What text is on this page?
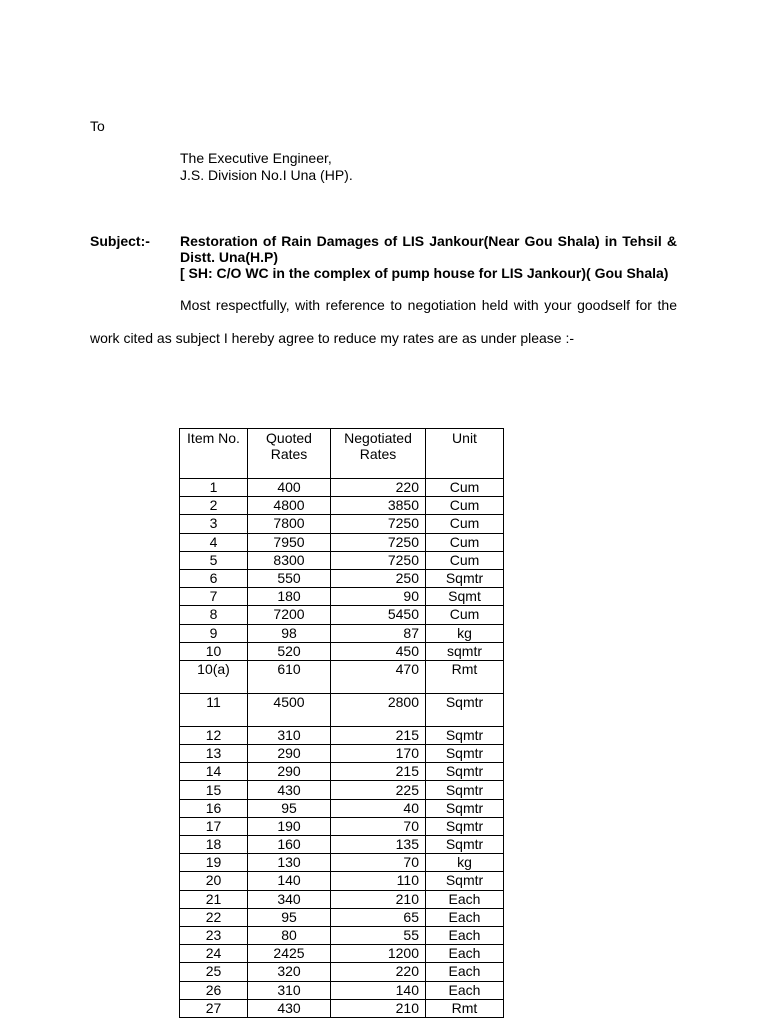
To
The Executive Engineer,
J.S. Division No.I Una (HP).
Subject:- Restoration of Rain Damages of LIS Jankour(Near Gou Shala) in Tehsil &
Distt. Una(H.P)
[ SH: C/O WC in the complex of pump house for LIS Jankour)( Gou Shala)
Most respectfully, with reference to negotiation held with your goodself for the
work cited as subject I hereby agree to reduce my rates are as under please :-
Item No.	Quoted Rates	Negotiated Rates	Unit
1	400	220	Cum
2	4800	3850	Cum
3	7800	7250	Cum
4	7950	7250	Cum
5	8300	7250	Cum
6	550	250	Sqmtr
7	180	90	Sqmt
8	7200	5450	Cum
9	98	87	kg
10	520	450	sqmtr
10(a)	610	470	Rmt
11	4500	2800	Sqmtr
12	310	215	Sqmtr
13	290	170	Sqmtr
14	290	215	Sqmtr
15	430	225	Sqmtr
16	95	40	Sqmtr
17	190	70	Sqmtr
18	160	135	Sqmtr
19	130	70	kg
20	140	110	Sqmtr
21	340	210	Each
22	95	65	Each
23	80	55	Each
24	2425	1200	Each
25	320	220	Each
26	310	140	Each
27	430	210	Rmt
